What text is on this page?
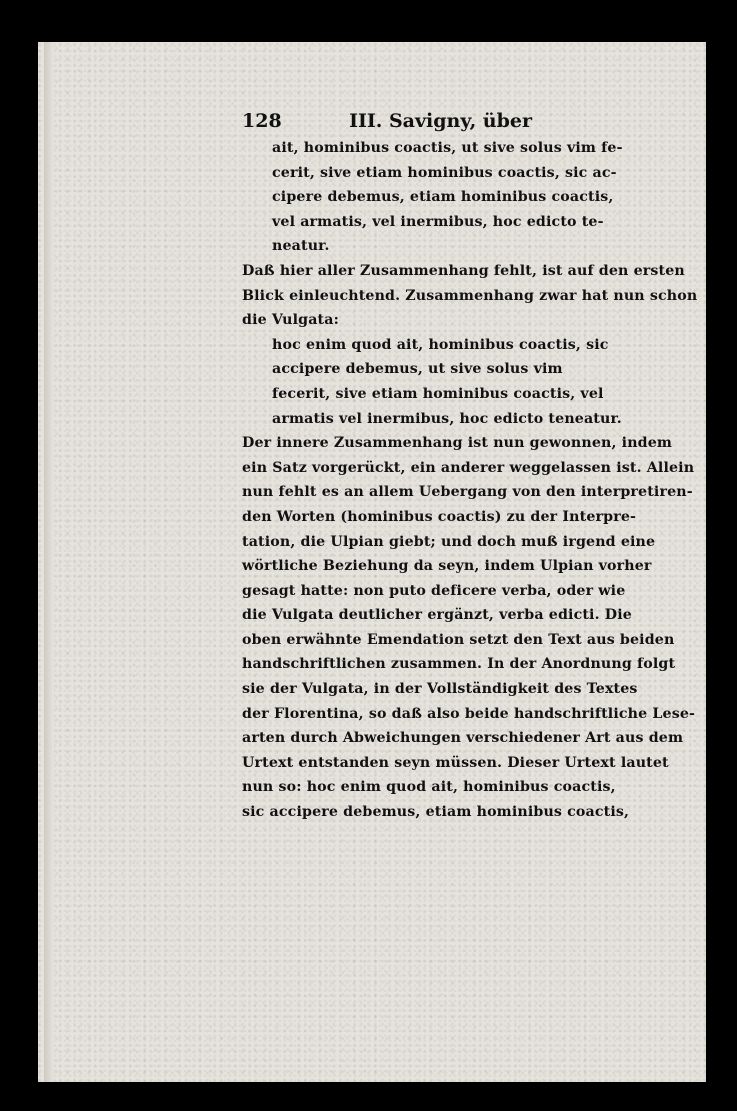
128	III. Savigny, über
ait, hominibus coactis, ut sive solus vim fe-
cerit, sive etiam hominibus coactis, sic ac-
cipere debemus, etiam hominibus coactis,
vel armatis, vel inermibus, hoc edicto te-
neatur.
Daß hier aller Zusammenhang fehlt, ist auf den ersten
Blick einleuchtend. Zusammenhang zwar hat nun schon
die Vulgata:
hoc enim quod ait, hominibus coactis, sic
accipere debemus, ut sive solus vim
fecerit, sive etiam hominibus coactis, vel
armatis vel inermibus, hoc edicto teneatur.
Der innere Zusammenhang ist nun gewonnen, indem
ein Satz vorgerückt, ein anderer weggelassen ist. Allein
nun fehlt es an allem Uebergang von den interpretiren-
den Worten (hominibus coactis) zu der Interpre-
tation, die Ulpian giebt; und doch muß irgend eine
wörtliche Beziehung da seyn, indem Ulpian vorher
gesagt hatte: non puto deficere verba, oder wie
die Vulgata deutlicher ergänzt, verba edicti. Die
oben erwähnte Emendation setzt den Text aus beiden
handschriftlichen zusammen. In der Anordnung folgt
sie der Vulgata, in der Vollständigkeit des Textes
der Florentina, so daß also beide handschriftliche Lese-
arten durch Abweichungen verschiedener Art aus dem
Urtext entstanden seyn müssen. Dieser Urtext lautet
nun so: hoc enim quod ait, hominibus coactis,
sic accipere debemus, etiam hominibus coactis,
